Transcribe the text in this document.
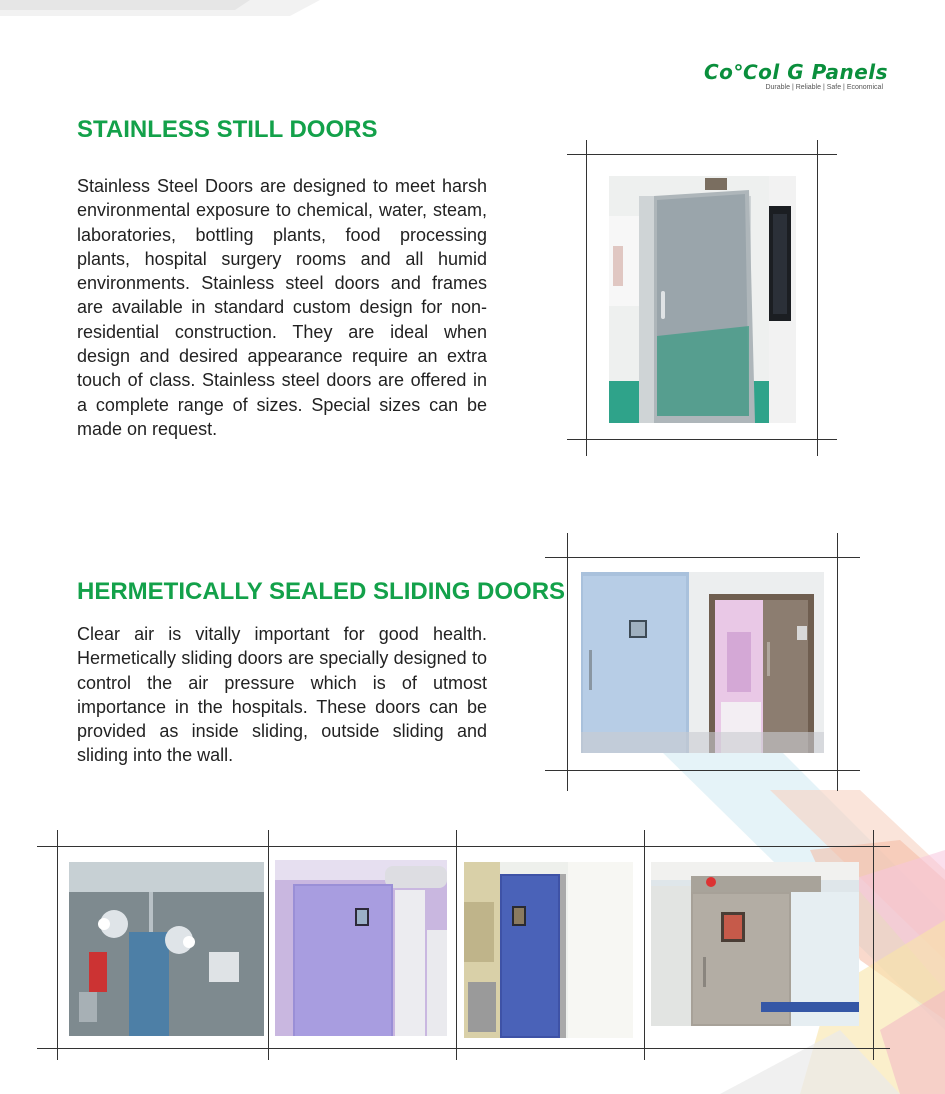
Co℃ol G Panels
Durable | Reliable | Safe | Economical
STAINLESS STILL DOORS

Stainless Steel Doors are designed to meet harsh environmental exposure to chemical, water, steam, laboratories, bottling plants, food processing plants, hospital surgery rooms and all humid environments. Stainless steel doors and frames are available in standard custom design for non- residential construction. They are ideal when design and desired appearance require an extra touch of class. Stainless steel doors are offered in a complete range of sizes. Special sizes can be made on request.

HERMETICALLY SEALED SLIDING DOORS

Clear air is vitally important for good health. Hermetically sliding doors are specially designed to control the air pressure which is of utmost importance in the hospitals. These doors can be provided as inside sliding, outside sliding and sliding into the wall.
